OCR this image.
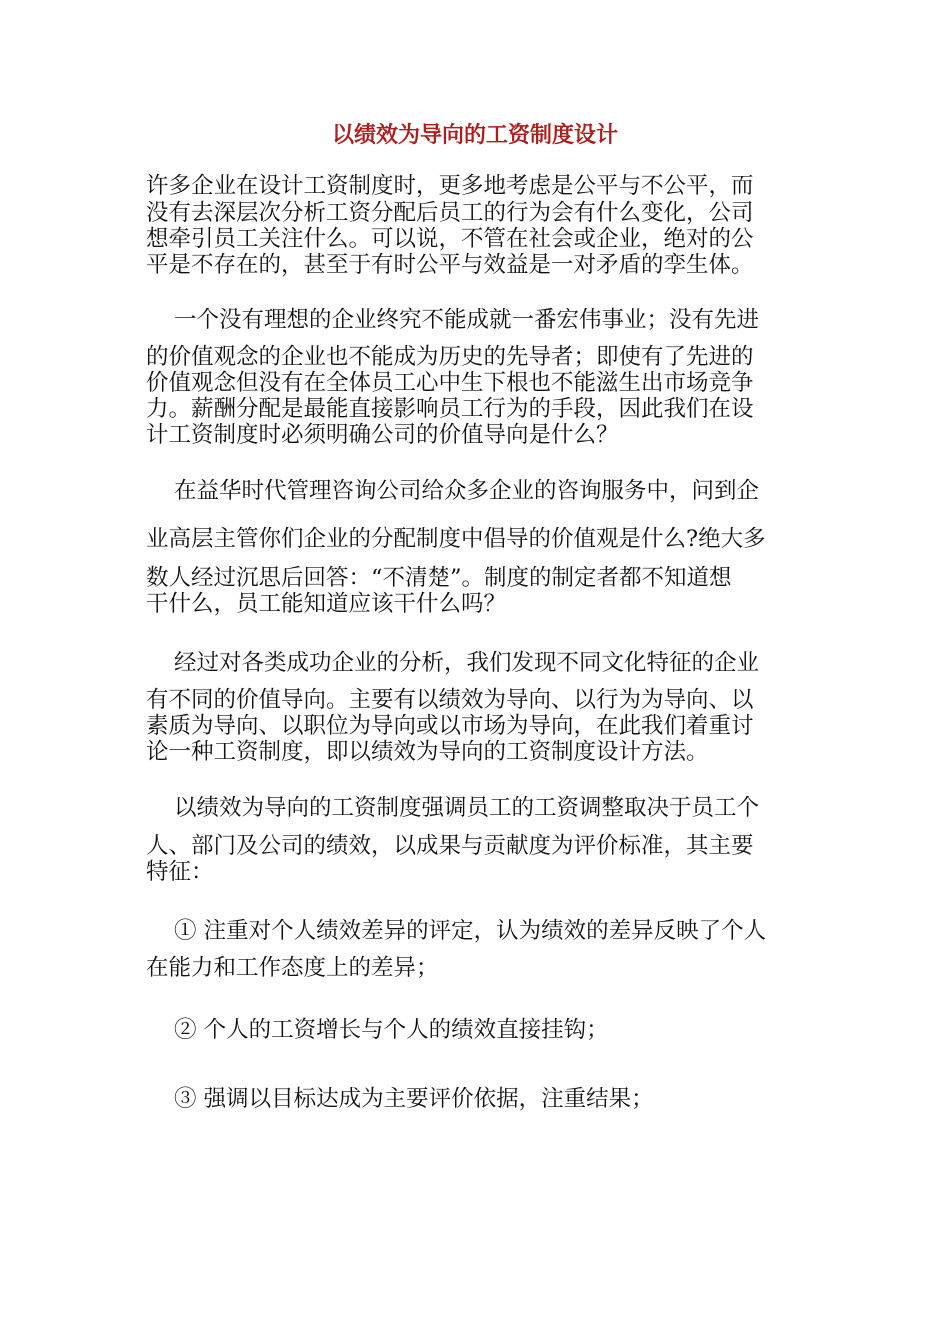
以绩效为导向的工资制度设计
许多企业在设计工资制度时，更多地考虑是公平与不公平，而
没有去深层次分析工资分配后员工的行为会有什么变化，公司
想牵引员工关注什么。可以说，不管在社会或企业，绝对的公
平是不存在的，甚至于有时公平与效益是一对矛盾的孪生体。
一个没有理想的企业终究不能成就一番宏伟事业；没有先进
的价值观念的企业也不能成为历史的先导者；即使有了先进的
价值观念但没有在全体员工心中生下根也不能滋生出市场竞争
力。薪酬分配是最能直接影响员工行为的手段，因此我们在设
计工资制度时必须明确公司的价值导向是什么？
在益华时代管理咨询公司给众多企业的咨询服务中，问到企
业高层主管你们企业的分配制度中倡导的价值观是什么?绝大多
数人经过沉思后回答：“不清楚”。制度的制定者都不知道想
干什么，员工能知道应该干什么吗？
经过对各类成功企业的分析，我们发现不同文化特征的企业
有不同的价值导向。主要有以绩效为导向、以行为为导向、以
素质为导向、以职位为导向或以市场为导向，在此我们着重讨
论一种工资制度，即以绩效为导向的工资制度设计方法。
以绩效为导向的工资制度强调员工的工资调整取决于员工个
人、部门及公司的绩效，以成果与贡献度为评价标准，其主要
特征：
① 注重对个人绩效差异的评定，认为绩效的差异反映了个人
在能力和工作态度上的差异；
② 个人的工资增长与个人的绩效直接挂钩；
③ 强调以目标达成为主要评价依据，注重结果；
